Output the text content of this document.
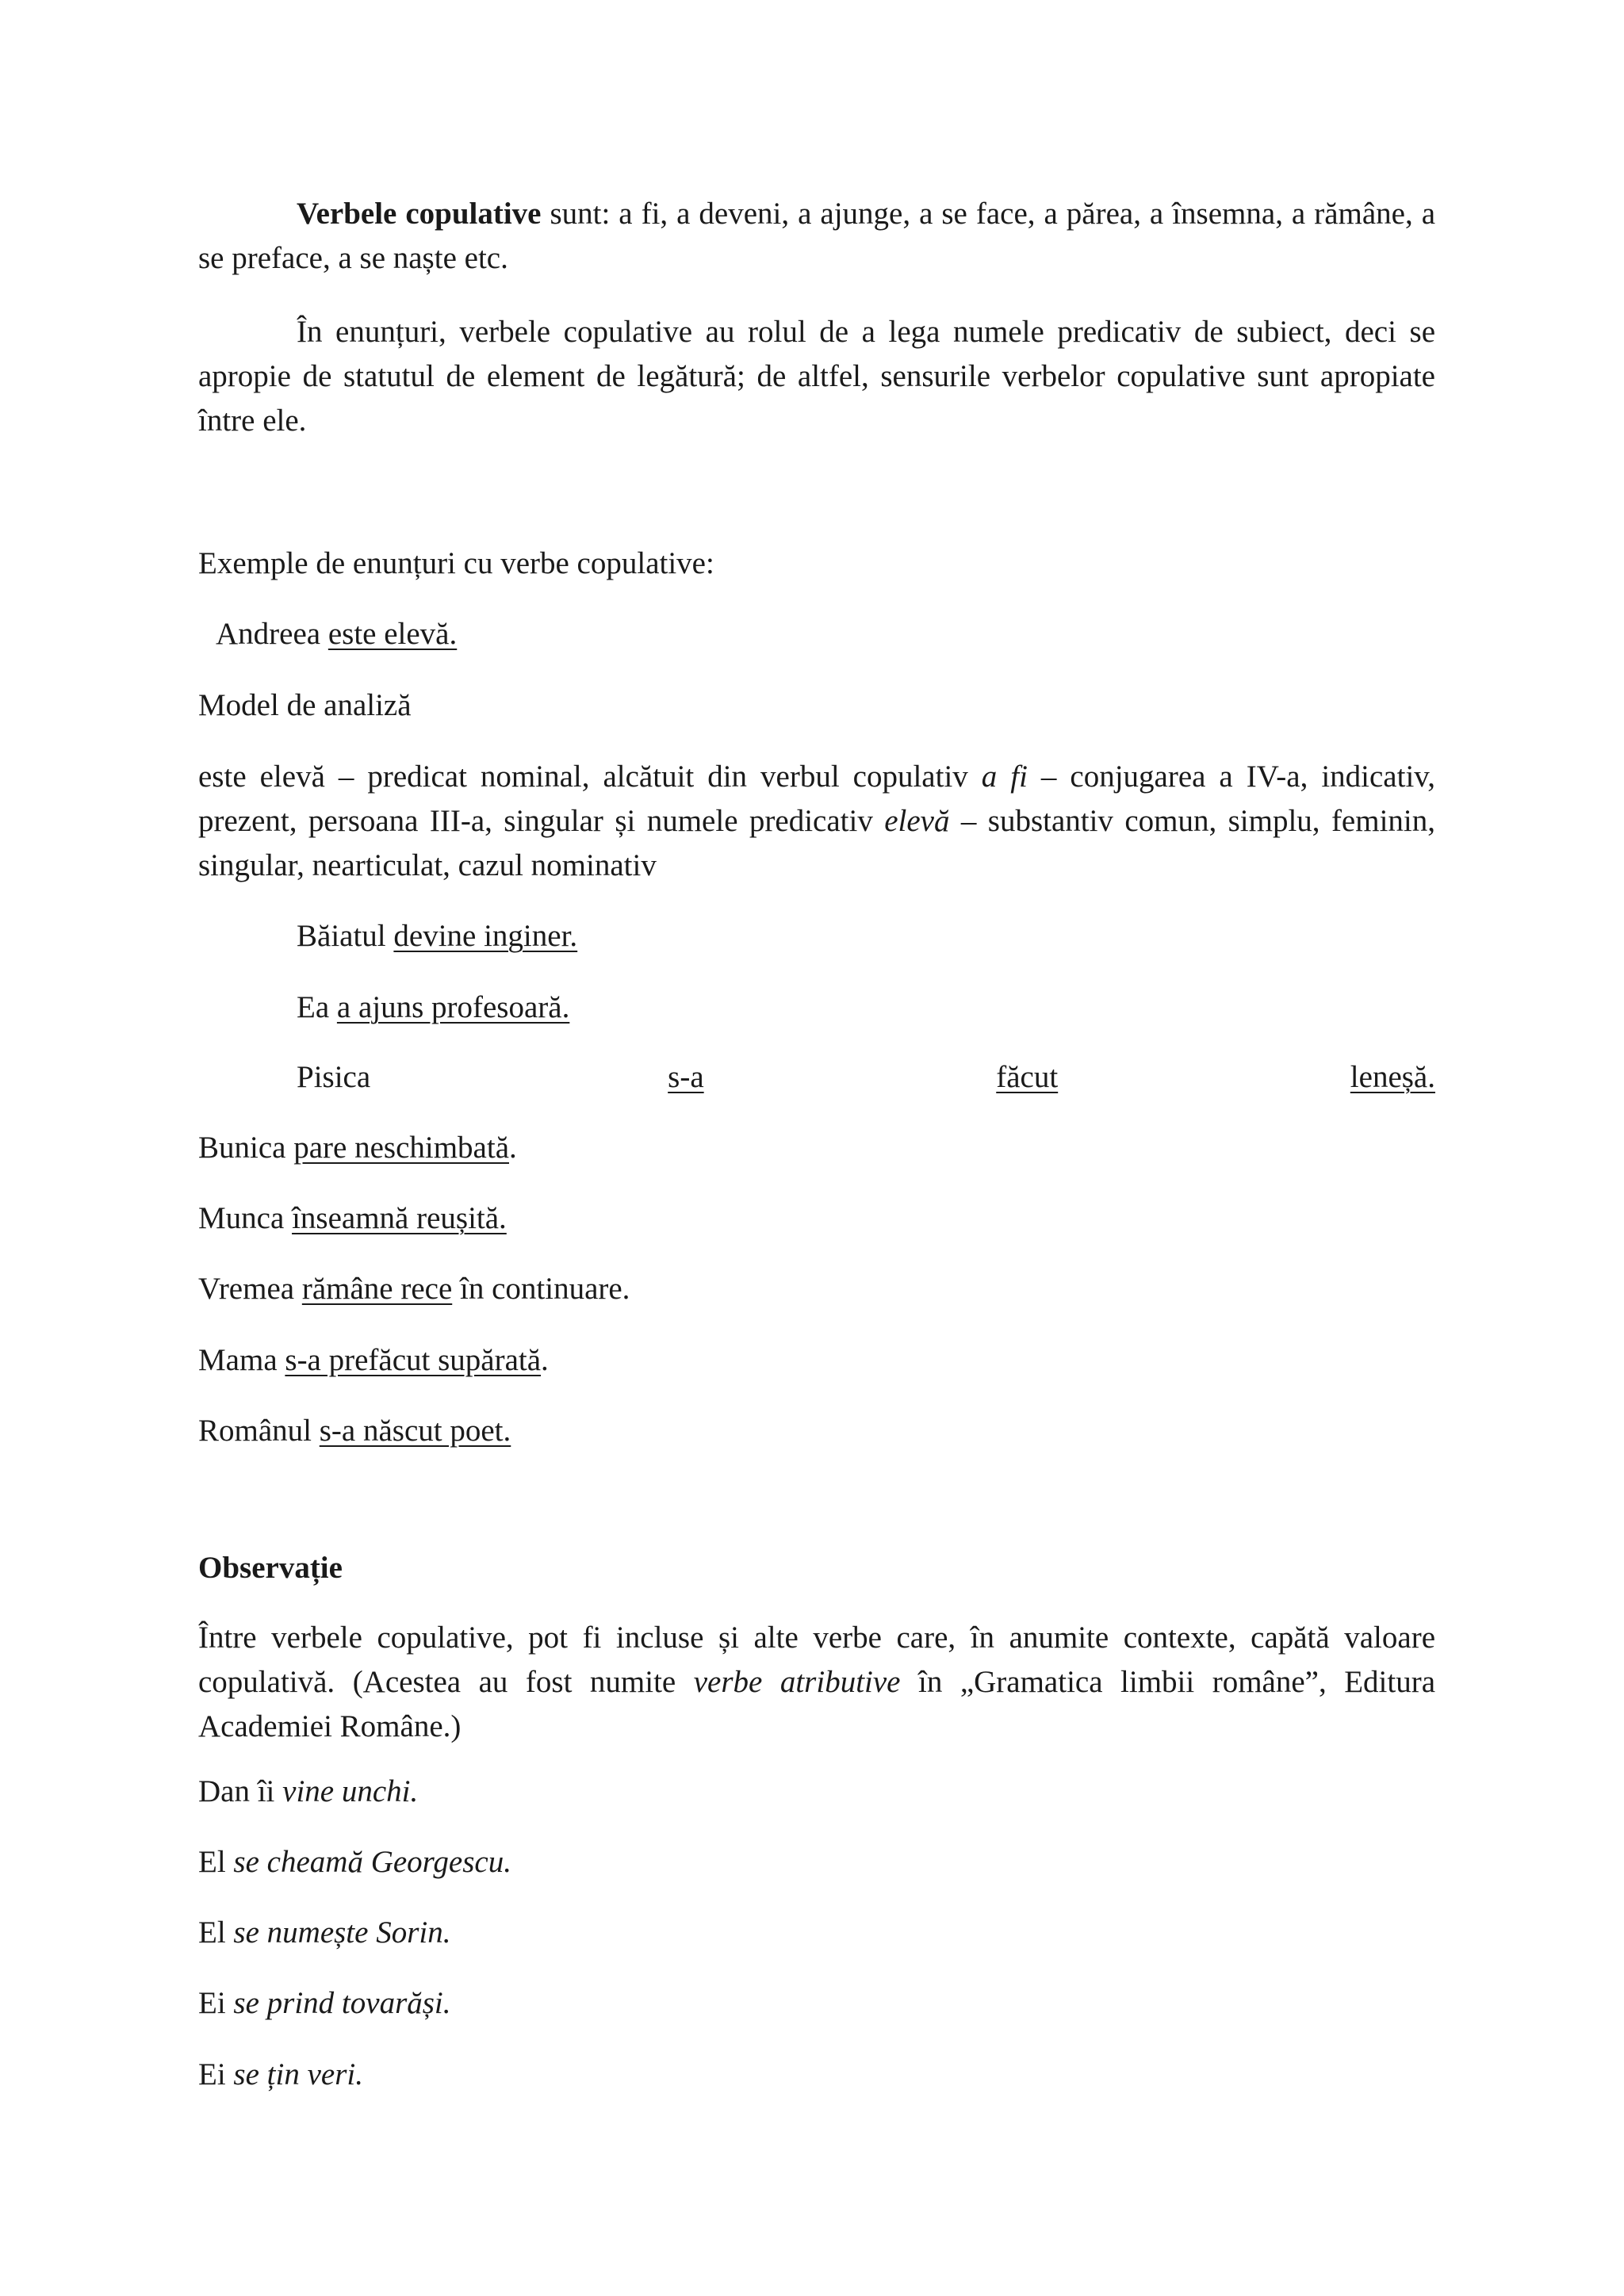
Verbele copulative sunt: a fi, a deveni, a ajunge, a se face, a părea, a însemna, a rămâne, a se preface, a se naște etc.
În enunțuri, verbele copulative au rolul de a lega numele predicativ de subiect, deci se apropie de statutul de element de legătură; de altfel, sensurile verbelor copulative sunt apropiate între ele.
Exemple de enunțuri cu verbe copulative:
Andreea este elevă.
Model de analiză
este elevă – predicat nominal, alcătuit din verbul copulativ a fi – conjugarea a IV-a, indicativ, prezent, persoana III-a, singular și numele predicativ elevă – substantiv comun, simplu, feminin, singular, nearticulat, cazul nominativ
Băiatul devine inginer.
Ea a ajuns profesoară.
Pisica	s-a	făcut	leneșă.
Bunica pare neschimbată.
Munca înseamnă reușită.
Vremea rămâne rece în continuare.
Mama s-a prefăcut supărată.
Românul s-a născut poet.
Observație
Între verbele copulative, pot fi incluse și alte verbe care, în anumite contexte, capătă valoare copulativă. (Acestea au fost numite verbe atributive în „Gramatica limbii române”, Editura Academiei Române.)
Dan îi vine unchi.
El se cheamă Georgescu.
El se numește Sorin.
Ei se prind tovarăși.
Ei se țin veri.
